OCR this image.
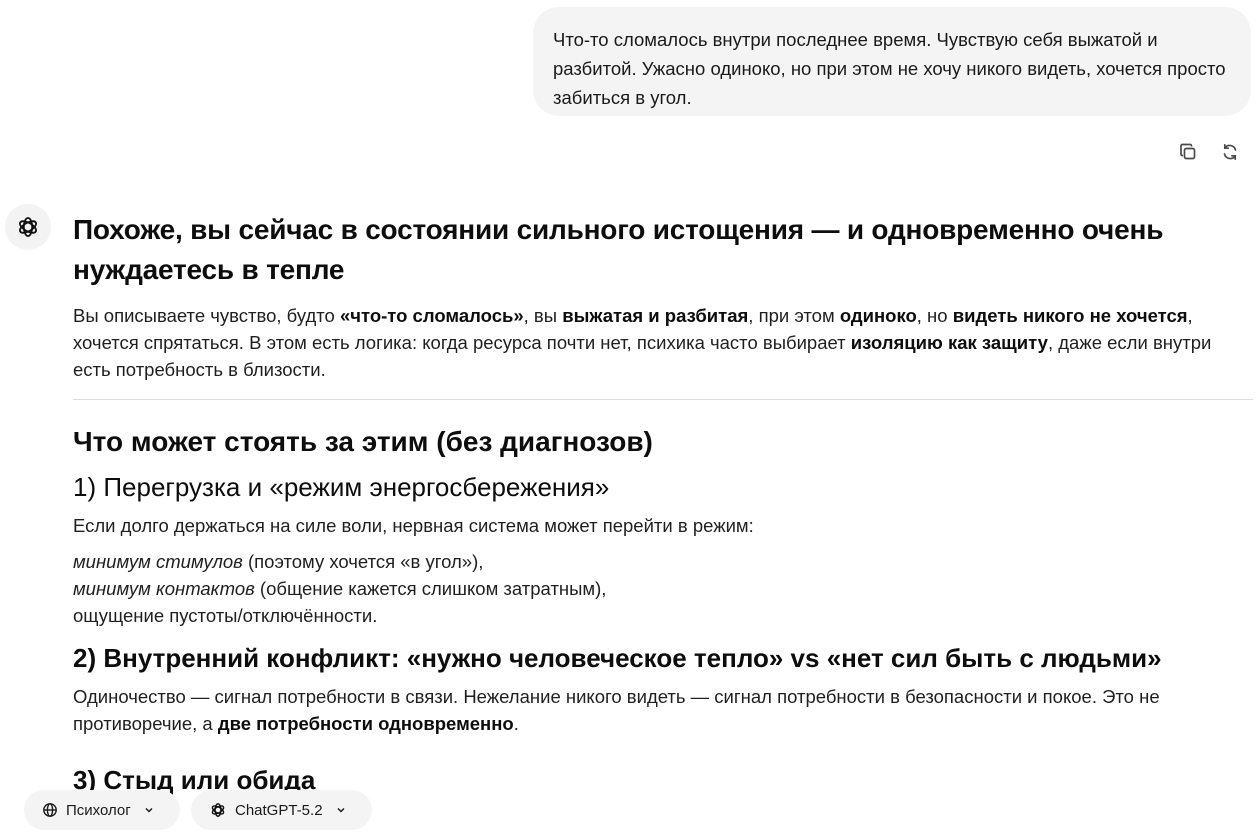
Что-то сломалось внутри последнее время. Чувствую себя выжатой и разбитой. Ужасно одиноко, но при этом не хочу никого видеть, хочется просто забиться в угол.
Похоже, вы сейчас в состоянии сильного истощения — и одновременно очень нуждаетесь в тепле
Вы описываете чувство, будто «что-то сломалось», вы выжатая и разбитая, при этом одиноко, но видеть никого не хочется, хочется спрятаться. В этом есть логика: когда ресурса почти нет, психика часто выбирает изоляцию как защиту, даже если внутри есть потребность в близости.
Что может стоять за этим (без диагнозов)
1) Перегрузка и «режим энергосбережения»
Если долго держаться на силе воли, нервная система может перейти в режим:
минимум стимулов (поэтому хочется «в угол»),
минимум контактов (общение кажется слишком затратным),
ощущение пустоты/отключённости.
2) Внутренний конфликт: «нужно человеческое тепло» vs «нет сил быть с людьми»
Одиночество — сигнал потребности в связи. Нежелание никого видеть — сигнал потребности в безопасности и покое. Это не противоречие, а две потребности одновременно.
Психолог	ChatGPT-5.2
